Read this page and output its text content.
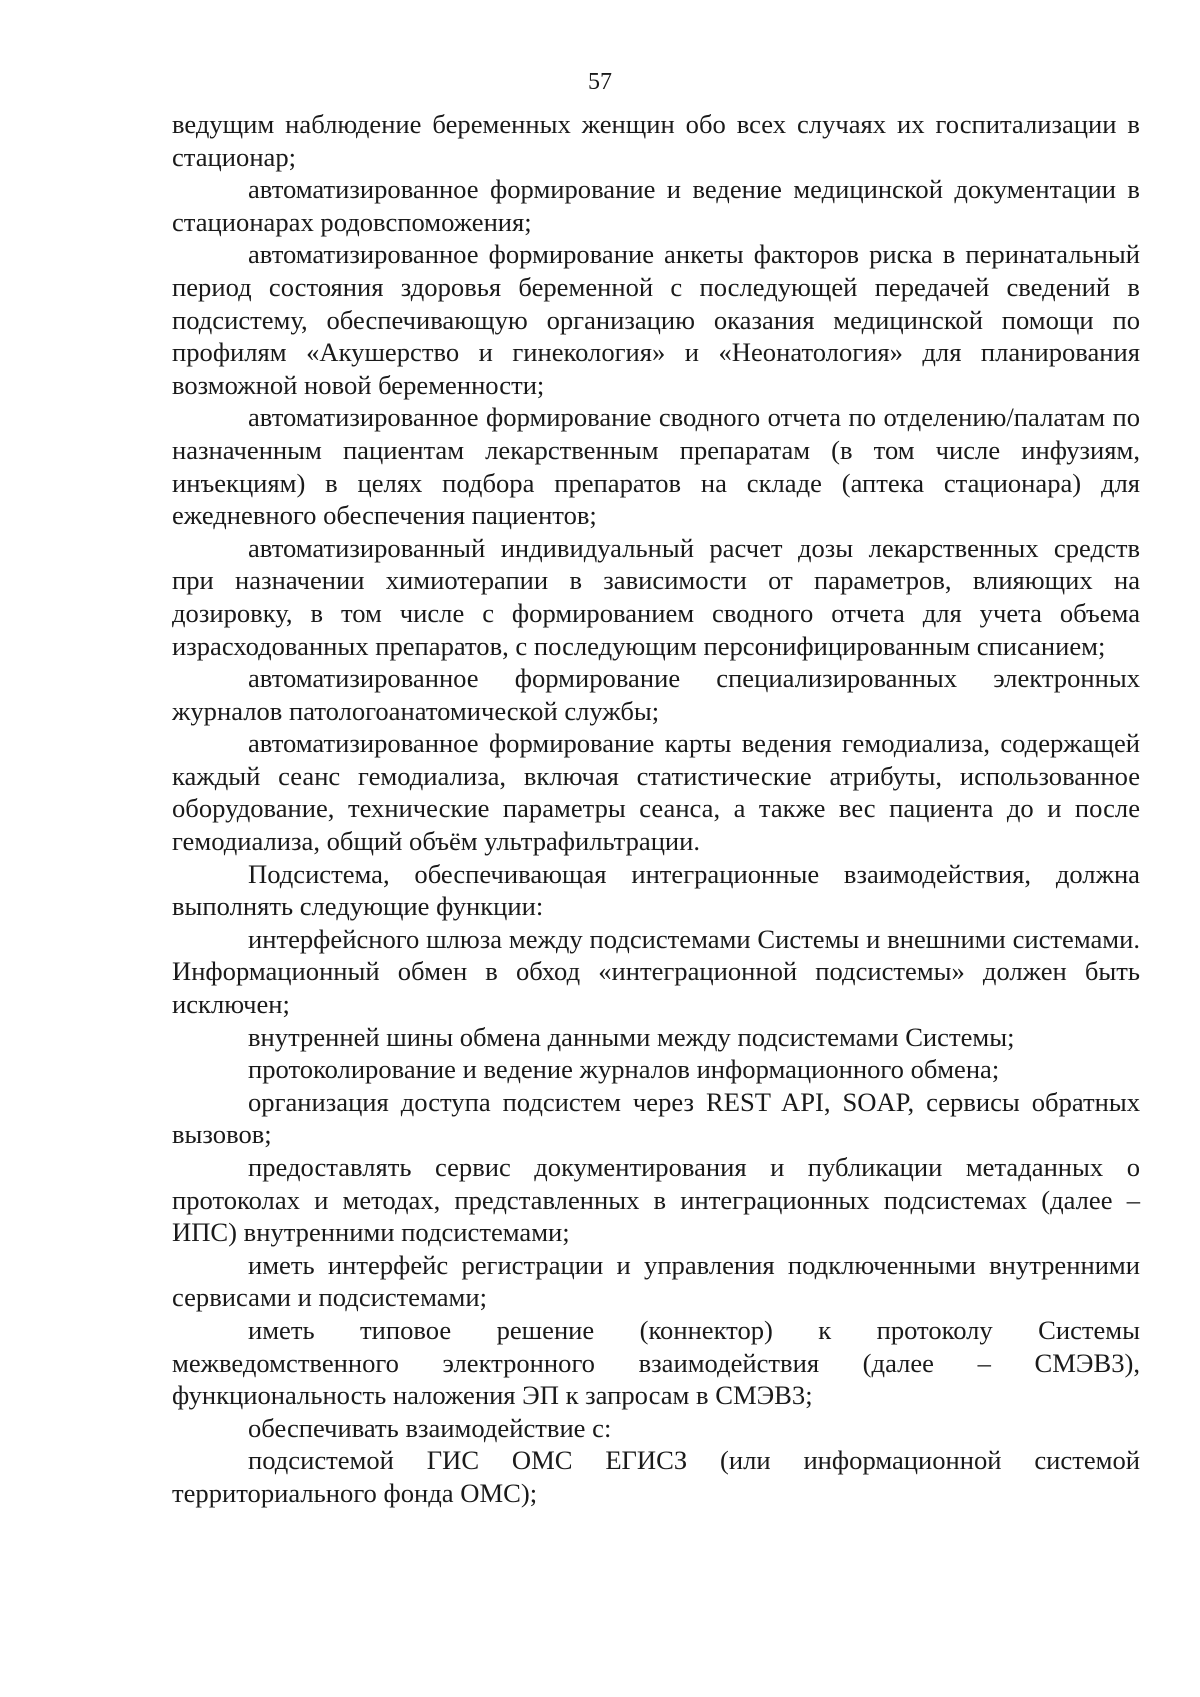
57

ведущим наблюдение беременных женщин обо всех случаях их госпитализации в стационар;

автоматизированное формирование и ведение медицинской документации в стационарах родовспоможения;

автоматизированное формирование анкеты факторов риска в перинатальный период состояния здоровья беременной с последующей передачей сведений в подсистему, обеспечивающую организацию оказания медицинской помощи по профилям «Акушерство и гинекология» и «Неонатология» для планирования возможной новой беременности;

автоматизированное формирование сводного отчета по отделению/палатам по назначенным пациентам лекарственным препаратам (в том числе инфузиям, инъекциям) в целях подбора препаратов на складе (аптека стационара) для ежедневного обеспечения пациентов;

автоматизированный индивидуальный расчет дозы лекарственных средств при назначении химиотерапии в зависимости от параметров, влияющих на дозировку, в том числе с формированием сводного отчета для учета объема израсходованных препаратов, с последующим персонифицированным списанием;

автоматизированное формирование специализированных электронных журналов патологоанатомической службы;

автоматизированное формирование карты ведения гемодиализа, содержащей каждый сеанс гемодиализа, включая статистические атрибуты, использованное оборудование, технические параметры сеанса, а также вес пациента до и после гемодиализа, общий объём ультрафильтрации.

Подсистема, обеспечивающая интеграционные взаимодействия, должна выполнять следующие функции:

интерфейсного шлюза между подсистемами Системы и внешними системами. Информационный обмен в обход «интеграционной подсистемы» должен быть исключен;

внутренней шины обмена данными между подсистемами Системы;

протоколирование и ведение журналов информационного обмена;

организация доступа подсистем через REST API, SOAP, сервисы обратных вызовов;

предоставлять сервис документирования и публикации метаданных о протоколах и методах, представленных в интеграционных подсистемах (далее – ИПС) внутренними подсистемами;

иметь интерфейс регистрации и управления подключенными внутренними сервисами и подсистемами;

иметь типовое решение (коннектор) к протоколу Системы межведомственного электронного взаимодействия (далее – СМЭВ3), функциональность наложения ЭП к запросам в СМЭВ3;

обеспечивать взаимодействие с:

подсистемой ГИС ОМС ЕГИСЗ (или информационной системой территориального фонда ОМС);
